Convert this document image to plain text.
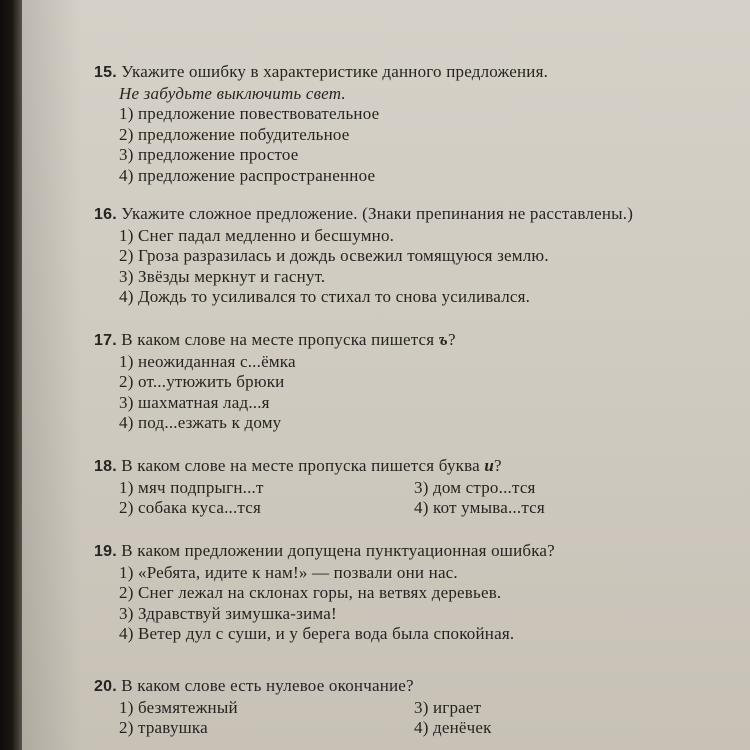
15. Укажите ошибку в характеристике данного предложения.
Не забудьте выключить свет.
1) предложение повествовательное
2) предложение побудительное
3) предложение простое
4) предложение распространенное
16. Укажите сложное предложение. (Знаки препинания не расставлены.)
1) Снег падал медленно и бесшумно.
2) Гроза разразилась и дождь освежил томящуюся землю.
3) Звёзды меркнут и гаснут.
4) Дождь то усиливался то стихал то снова усиливался.
17. В каком слове на месте пропуска пишется ъ?
1) неожиданная с...ёмка
2) от...утюжить брюки
3) шахматная лад...я
4) под...езжать к дому
18. В каком слове на месте пропуска пишется буква и?
1) мяч подпрыгн...т	3) дом стро...тся
2) собака куса...тся	4) кот умыва...тся
19. В каком предложении допущена пунктуационная ошибка?
1) «Ребята, идите к нам!» — позвали они нас.
2) Снег лежал на склонах горы, на ветвях деревьев.
3) Здравствуй зимушка-зима!
4) Ветер дул с суши, и у берега вода была спокойная.
20. В каком слове есть нулевое окончание?
1) безмятежный	3) играет
2) травушка	4) денёчек
